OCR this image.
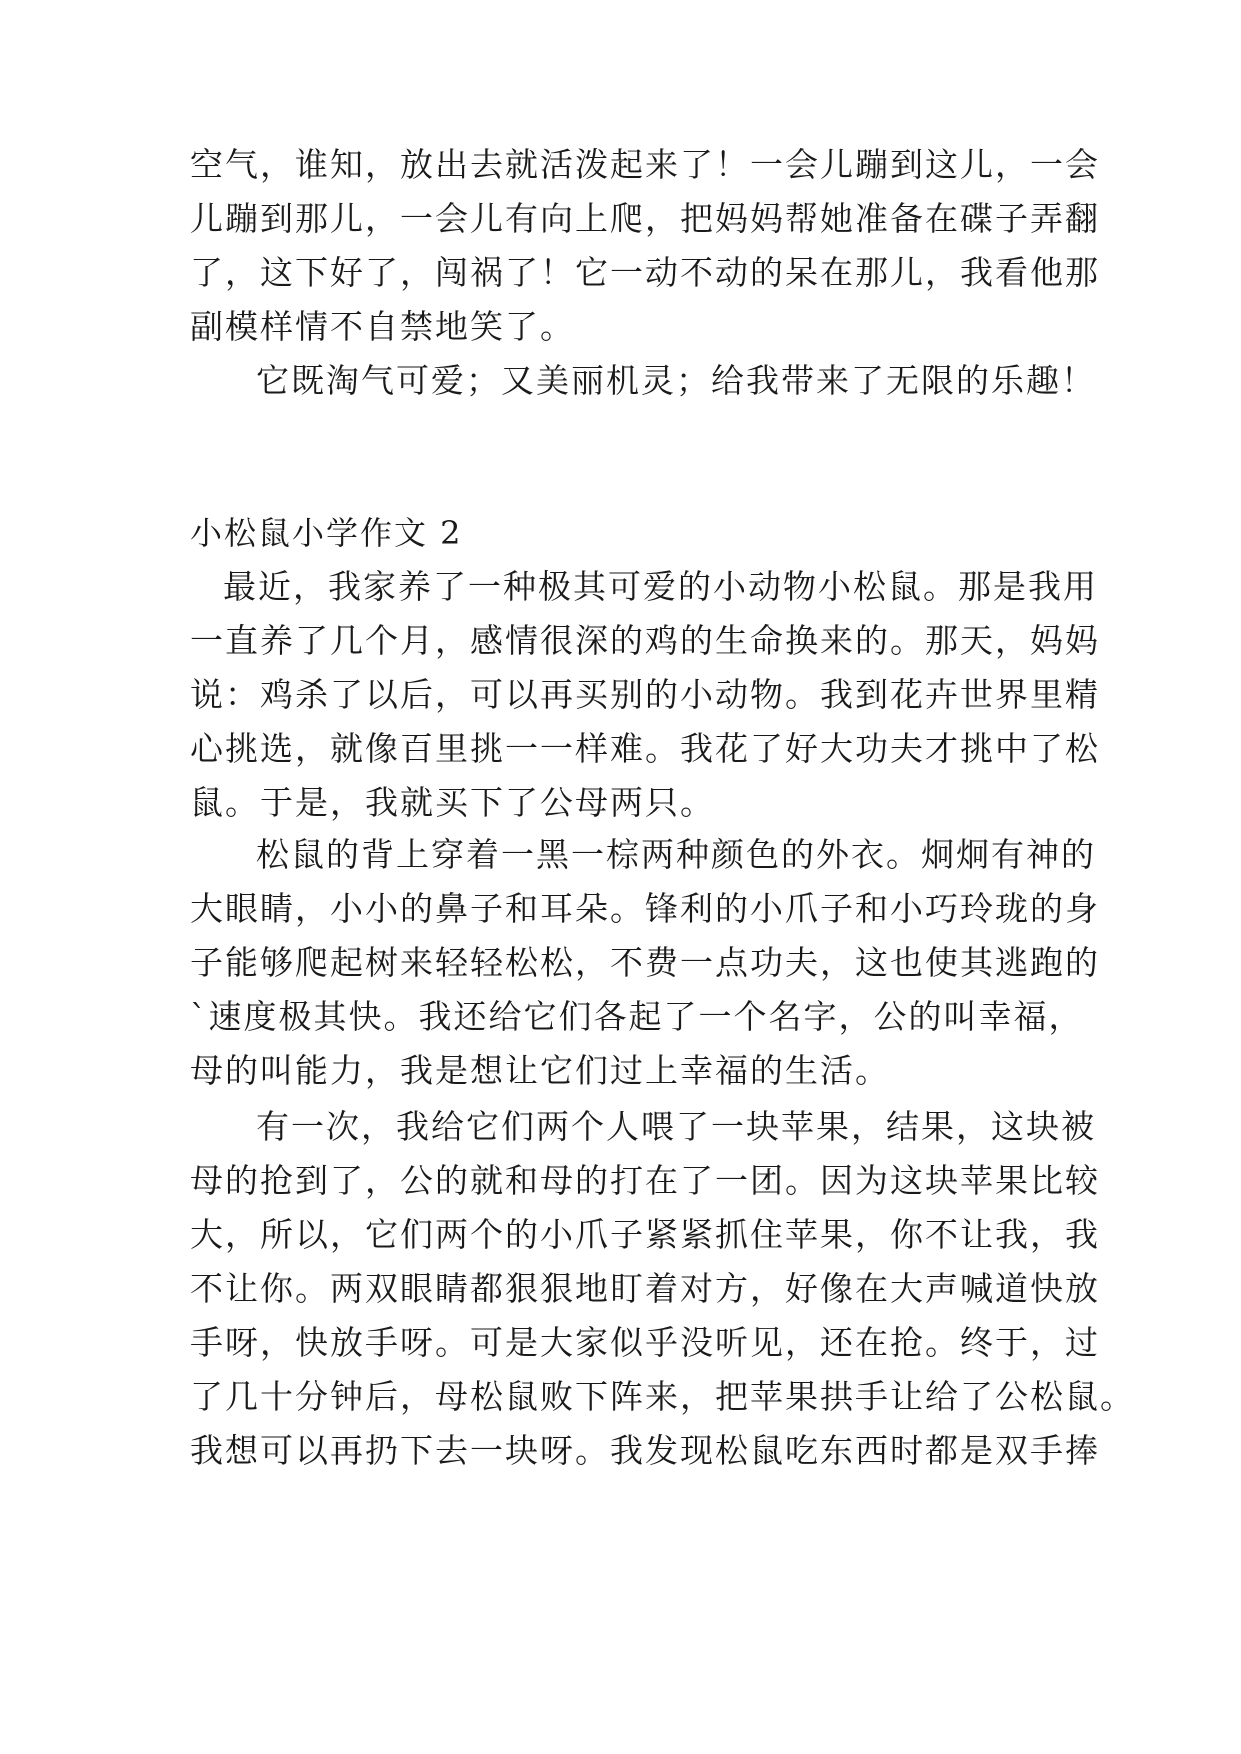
空气，谁知，放出去就活泼起来了！一会儿蹦到这儿，一会
儿蹦到那儿，一会儿有向上爬，把妈妈帮她准备在碟子弄翻
了，这下好了，闯祸了！它一动不动的呆在那儿，我看他那
副模样情不自禁地笑了。
它既淘气可爱；又美丽机灵；给我带来了无限的乐趣！
小松鼠小学作文 2
最近，我家养了一种极其可爱的小动物小松鼠。那是我用
一直养了几个月，感情很深的鸡的生命换来的。那天，妈妈
说：鸡杀了以后，可以再买别的小动物。我到花卉世界里精
心挑选，就像百里挑一一样难。我花了好大功夫才挑中了松
鼠。于是，我就买下了公母两只。
松鼠的背上穿着一黑一棕两种颜色的外衣。炯炯有神的
大眼睛，小小的鼻子和耳朵。锋利的小爪子和小巧玲珑的身
子能够爬起树来轻轻松松，不费一点功夫，这也使其逃跑的
`速度极其快。我还给它们各起了一个名字，公的叫幸福，
母的叫能力，我是想让它们过上幸福的生活。
有一次，我给它们两个人喂了一块苹果，结果，这块被
母的抢到了，公的就和母的打在了一团。因为这块苹果比较
大，所以，它们两个的小爪子紧紧抓住苹果，你不让我，我
不让你。两双眼睛都狠狠地盯着对方，好像在大声喊道快放
手呀，快放手呀。可是大家似乎没听见，还在抢。终于，过
了几十分钟后，母松鼠败下阵来，把苹果拱手让给了公松鼠。
我想可以再扔下去一块呀。我发现松鼠吃东西时都是双手捧
